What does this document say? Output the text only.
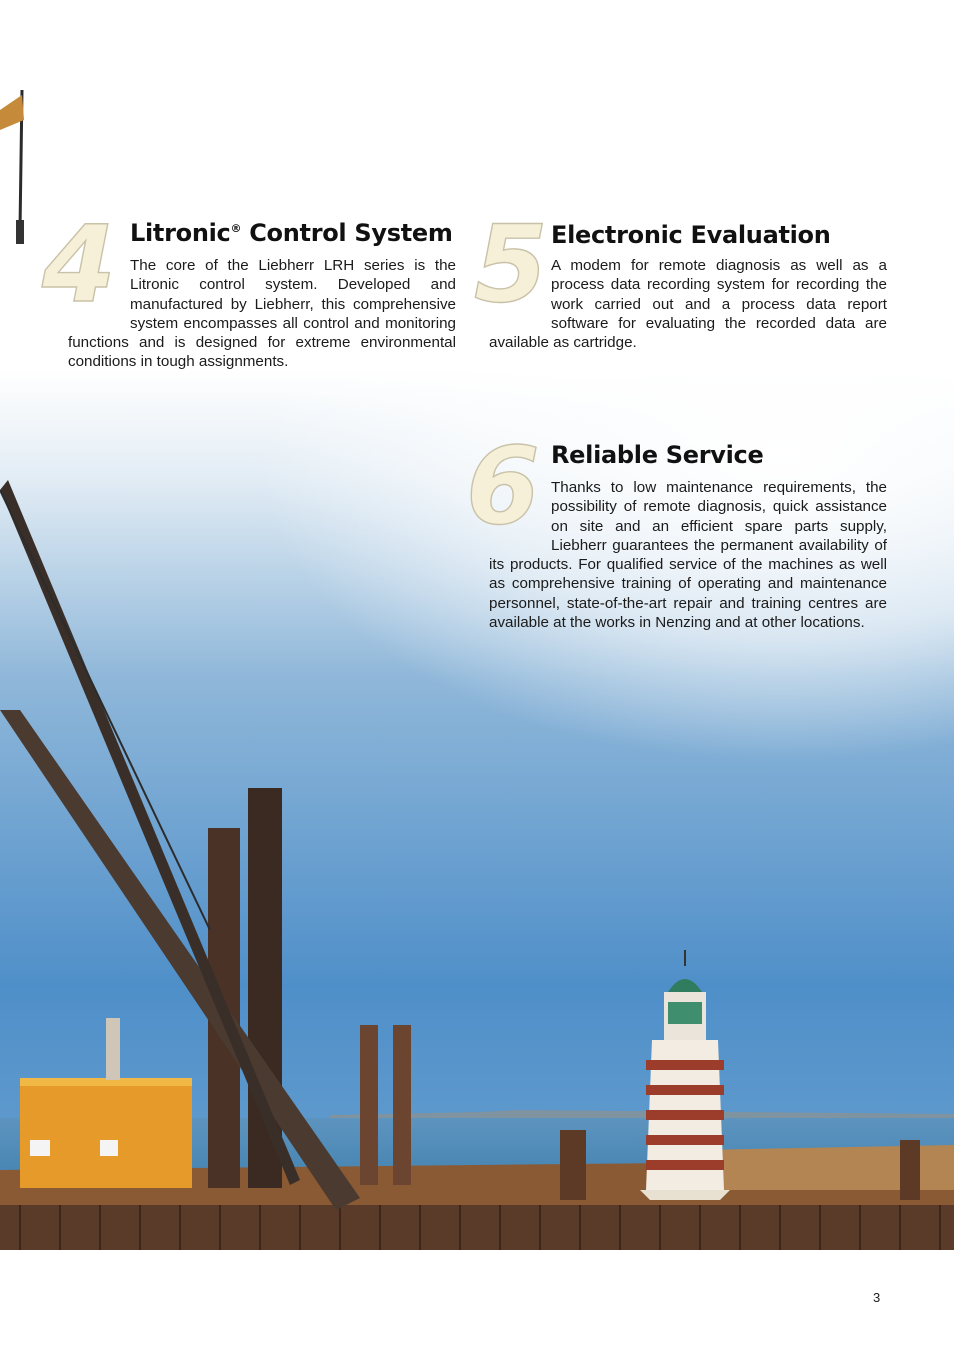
4 Litronic® Control System
The core of the Liebherr LRH series is the Litronic control system. Developed and manufactured by Liebherr, this comprehensive system encompasses all control and monitoring functions and is designed for extreme environmental conditions in tough assignments.
5 Electronic Evaluation
A modem for remote diagnosis as well as a process data recording system for recording the work carried out and a process data report software for evaluating the recorded data are available as cartridge.
6 Reliable Service
Thanks to low maintenance requirements, the possibility of remote diagnosis, quick assistance on site and an efficient spare parts supply, Liebherr guarantees the permanent availability of its products. For qualified service of the machines as well as comprehensive training of operating and maintenance personnel, state-of-the-art repair and training centres are available at the works in Nenzing and at other locations.
3
